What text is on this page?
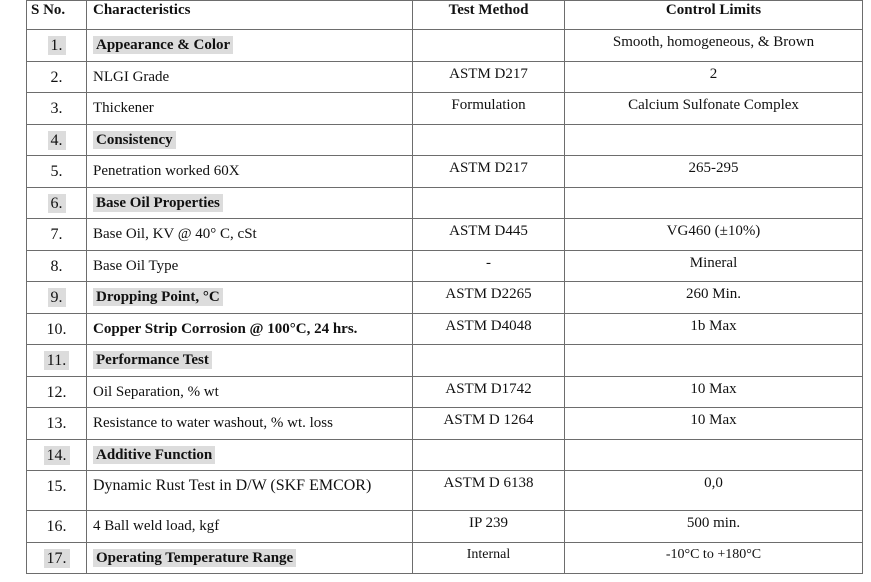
S No.	Characteristics	Test Method	Control Limits
1.	Appearance & Color		Smooth, homogeneous, & Brown
2.	NLGI Grade	ASTM D217	2
3.	Thickener	Formulation	Calcium Sulfonate Complex
4.	Consistency		
5.	Penetration worked 60X	ASTM D217	265-295
6.	Base Oil Properties		
7.	Base Oil, KV @ 40° C, cSt	ASTM D445	VG460 (±10%)
8.	Base Oil Type	-	Mineral
9.	Dropping Point, °C	ASTM D2265	260 Min.
10.	Copper Strip Corrosion @ 100°C, 24 hrs.	ASTM D4048	1b Max
11.	Performance Test		
12.	Oil Separation, % wt	ASTM D1742	10 Max
13.	Resistance to water washout, % wt. loss	ASTM D 1264	10 Max
14.	Additive Function		
15.	Dynamic Rust Test in D/W (SKF EMCOR)	ASTM D 6138	0,0
16.	4 Ball weld load, kgf	IP 239	500 min.
17.	Operating Temperature Range	Internal	-10°C to +180°C
